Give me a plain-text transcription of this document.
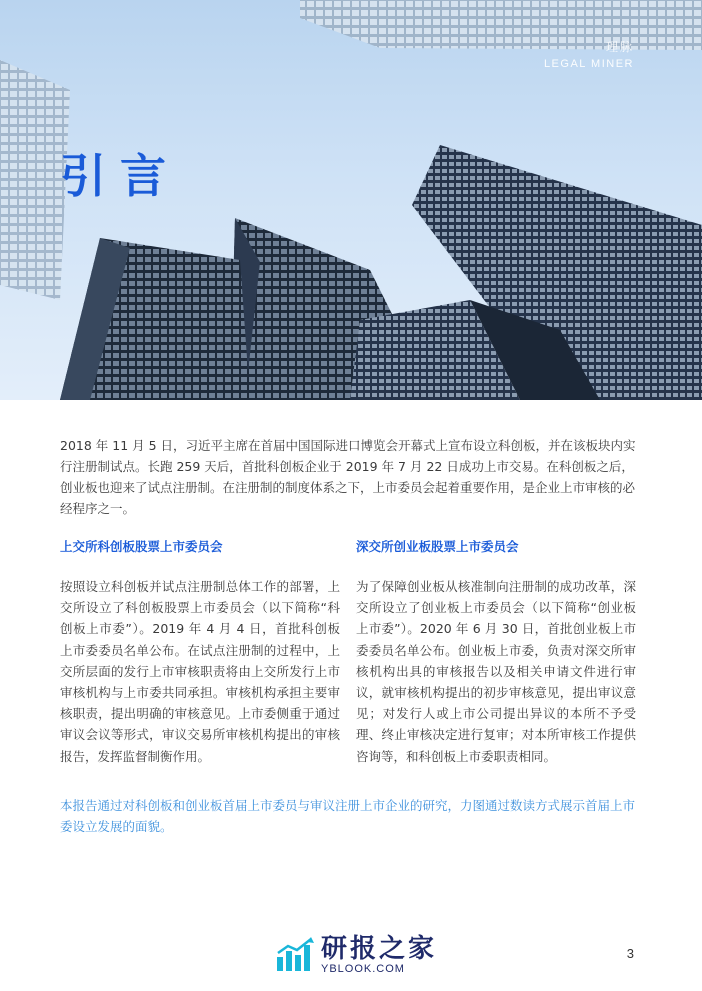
理脉
LEGAL MINER
引言

2018 年 11 月 5 日，习近平主席在首届中国国际进口博览会开幕式上宣布设立科创板，并在该板块内实行注册制试点。长跑 259 天后，首批科创板企业于 2019 年 7 月 22 日成功上市交易。在科创板之后，创业板也迎来了试点注册制。在注册制的制度体系之下，上市委员会起着重要作用，是企业上市审核的必经程序之一。

上交所科创板股票上市委员会

按照设立科创板并试点注册制总体工作的部署，上交所设立了科创板股票上市委员会（以下简称“科创板上市委”）。2019 年 4 月 4 日，首批科创板上市委委员名单公布。在试点注册制的过程中，上交所层面的发行上市审核职责将由上交所发行上市审核机构与上市委共同承担。审核机构承担主要审核职责，提出明确的审核意见。上市委侧重于通过审议会议等形式，审议交易所审核机构提出的审核报告，发挥监督制衡作用。

深交所创业板股票上市委员会

为了保障创业板从核准制向注册制的成功改革，深交所设立了创业板上市委员会（以下简称“创业板上市委”）。2020 年 6 月 30 日，首批创业板上市委委员名单公布。创业板上市委，负责对深交所审核机构出具的审核报告以及相关申请文件进行审议，就审核机构提出的初步审核意见，提出审议意见；对发行人或上市公司提出异议的本所不予受理、终止审核决定进行复审；对本所审核工作提供咨询等，和科创板上市委职责相同。

本报告通过对科创板和创业板首届上市委员与审议注册上市企业的研究，力图通过数读方式展示首届上市委设立发展的面貌。

研报之家
YBLOOK.COM
3
